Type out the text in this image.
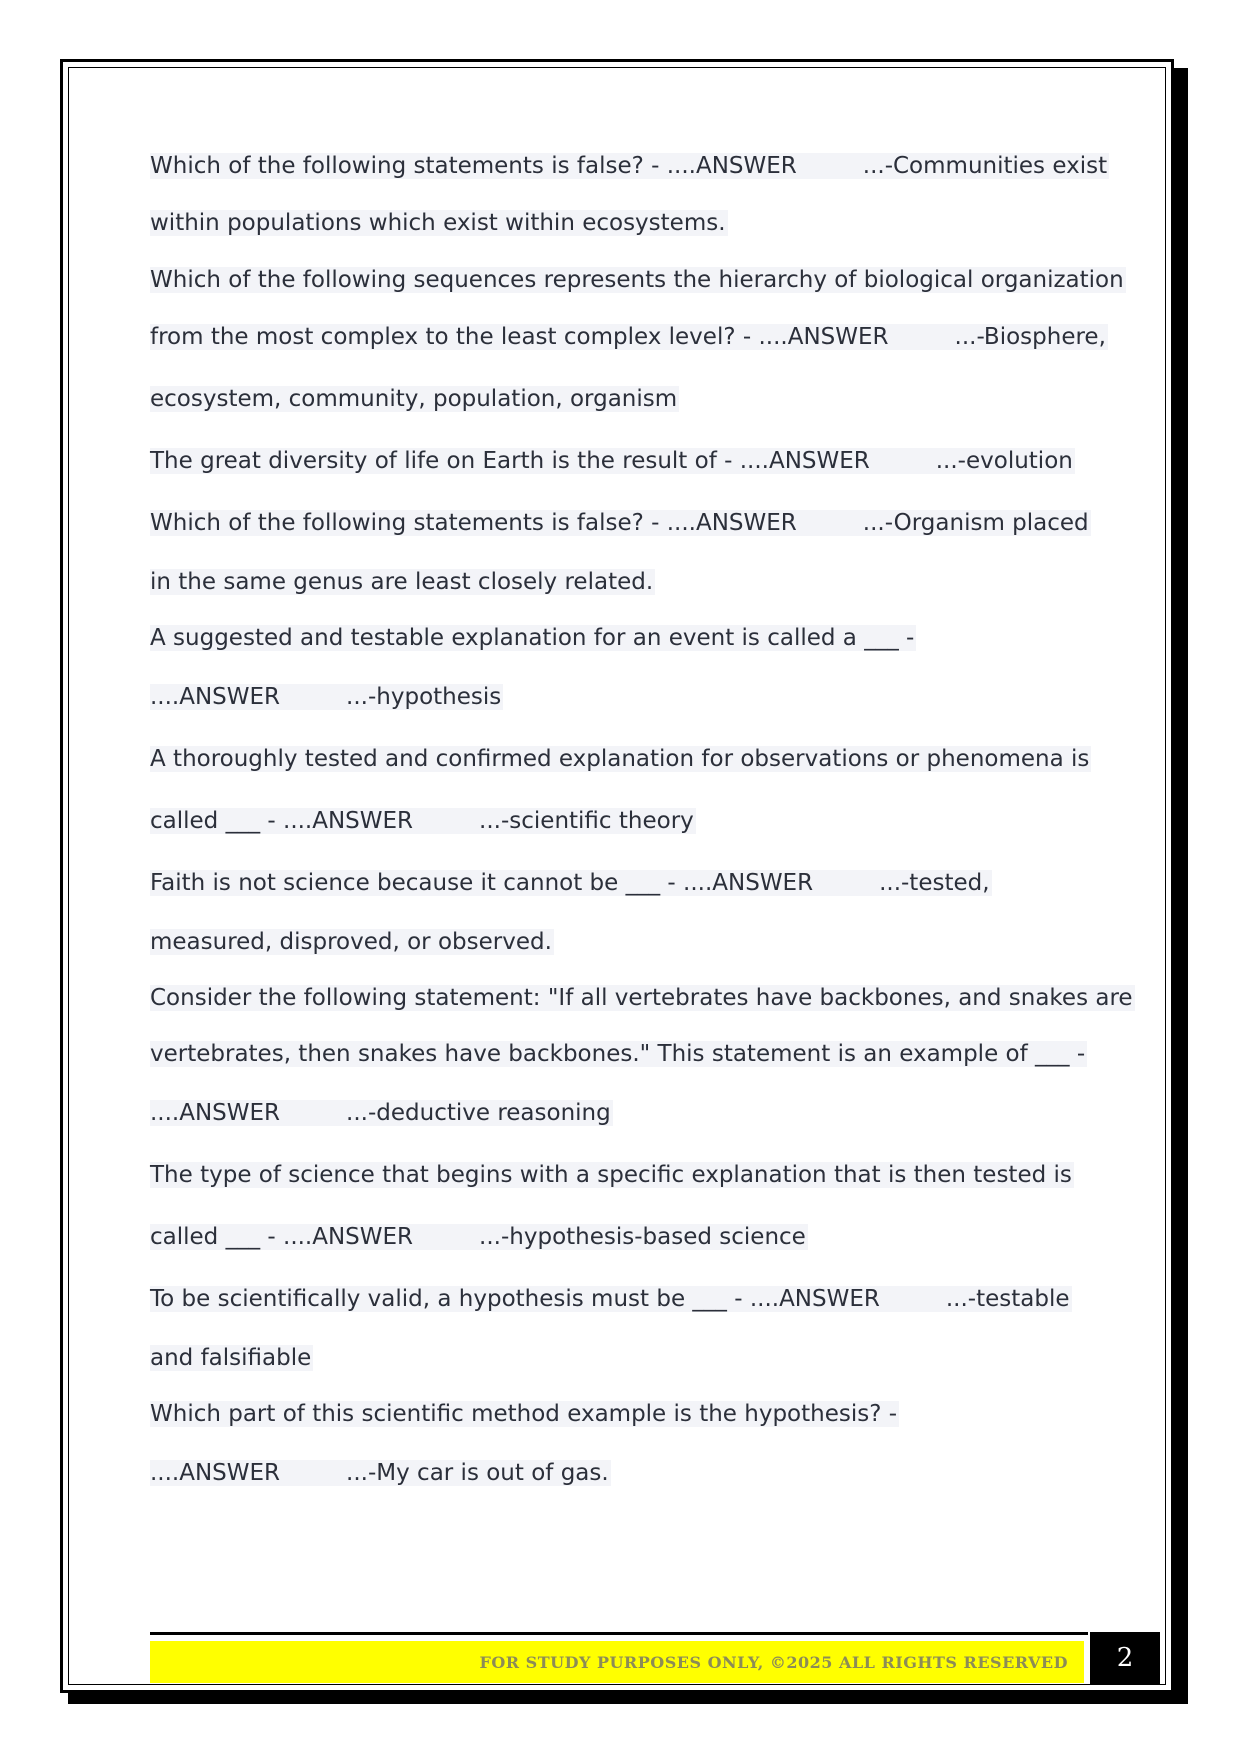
Which of the following statements is false? - ....ANSWER	...-Communities exist
within populations which exist within ecosystems.
Which of the following sequences represents the hierarchy of biological organization
from the most complex to the least complex level? - ....ANSWER	...-Biosphere,
ecosystem, community, population, organism
The great diversity of life on Earth is the result of - ....ANSWER	...-evolution
Which of the following statements is false? - ....ANSWER	...-Organism placed
in the same genus are least closely related.
A suggested and testable explanation for an event is called a ___ -
....ANSWER	...-hypothesis
A thoroughly tested and confirmed explanation for observations or phenomena is
called ___ - ....ANSWER	...-scientific theory
Faith is not science because it cannot be ___ - ....ANSWER	...-tested,
measured, disproved, or observed.
Consider the following statement: "If all vertebrates have backbones, and snakes are
vertebrates, then snakes have backbones." This statement is an example of ___ -
....ANSWER	...-deductive reasoning
The type of science that begins with a specific explanation that is then tested is
called ___ - ....ANSWER	...-hypothesis-based science
To be scientifically valid, a hypothesis must be ___ - ....ANSWER	...-testable
and falsifiable
Which part of this scientific method example is the hypothesis? -
....ANSWER	...-My car is out of gas.
FOR STUDY PURPOSES ONLY, ©2025 ALL RIGHTS RESERVED	2
